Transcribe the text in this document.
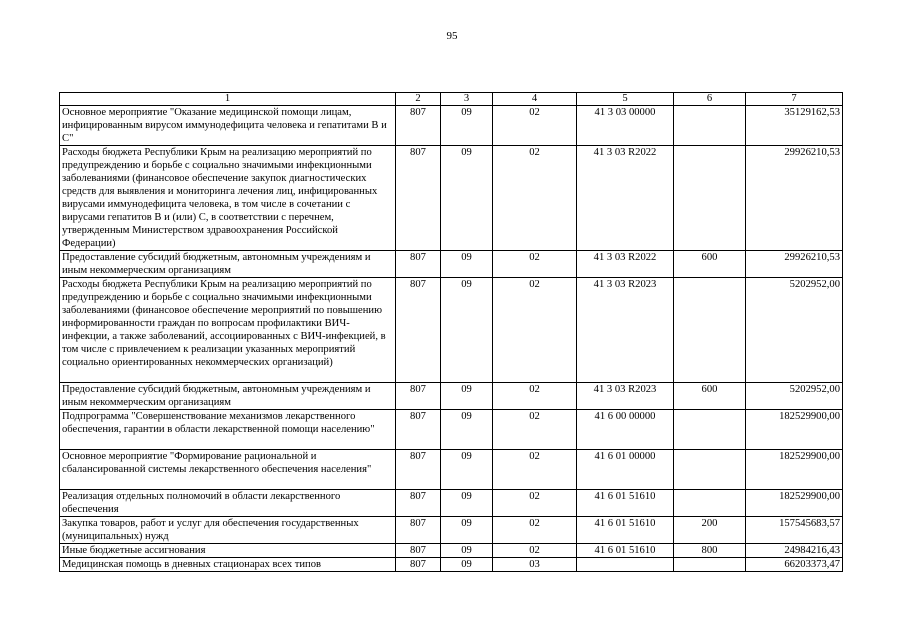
95
1	2	3	4	5	6	7
Основное мероприятие "Оказание медицинской помощи лицам, инфицированным вирусом иммунодефицита человека и гепатитами В и С"	807	09	02	41 3 03 00000		35129162,53
Расходы бюджета Республики Крым на реализацию мероприятий по предупреждению и борьбе с социально значимыми инфекционными заболеваниями (финансовое обеспечение закупок диагностических средств для выявления и мониторинга лечения лиц, инфицированных вирусами иммунодефицита человека, в том числе в сочетании с вирусами гепатитов В и (или) С, в соответствии с перечнем, утвержденным Министерством здравоохранения Российской Федерации)	807	09	02	41 3 03 R2022		29926210,53
Предоставление субсидий бюджетным, автономным учреждениям и иным некоммерческим организациям	807	09	02	41 3 03 R2022	600	29926210,53
Расходы бюджета Республики Крым на реализацию мероприятий по предупреждению и борьбе с социально значимыми инфекционными заболеваниями (финансовое обеспечение мероприятий по повышению информированности граждан по вопросам профилактики ВИЧ-инфекции, а также заболеваний, ассоциированных с ВИЧ-инфекцией, в том числе с привлечением к реализации указанных мероприятий социально ориентированных некоммерческих организаций)	807	09	02	41 3 03 R2023		5202952,00
Предоставление субсидий бюджетным, автономным учреждениям и иным некоммерческим организациям	807	09	02	41 3 03 R2023	600	5202952,00
Подпрограмма "Совершенствование механизмов лекарственного обеспечения, гарантии в области лекарственной помощи населению"	807	09	02	41 6 00 00000		182529900,00
Основное мероприятие "Формирование рациональной и сбалансированной системы лекарственного обеспечения населения"	807	09	02	41 6 01 00000		182529900,00
Реализация отдельных полномочий в области лекарственного обеспечения	807	09	02	41 6 01 51610		182529900,00
Закупка товаров, работ и услуг для обеспечения государственных (муниципальных) нужд	807	09	02	41 6 01 51610	200	157545683,57
Иные бюджетные ассигнования	807	09	02	41 6 01 51610	800	24984216,43
Медицинская помощь в дневных стационарах всех типов	807	09	03			66203373,47
